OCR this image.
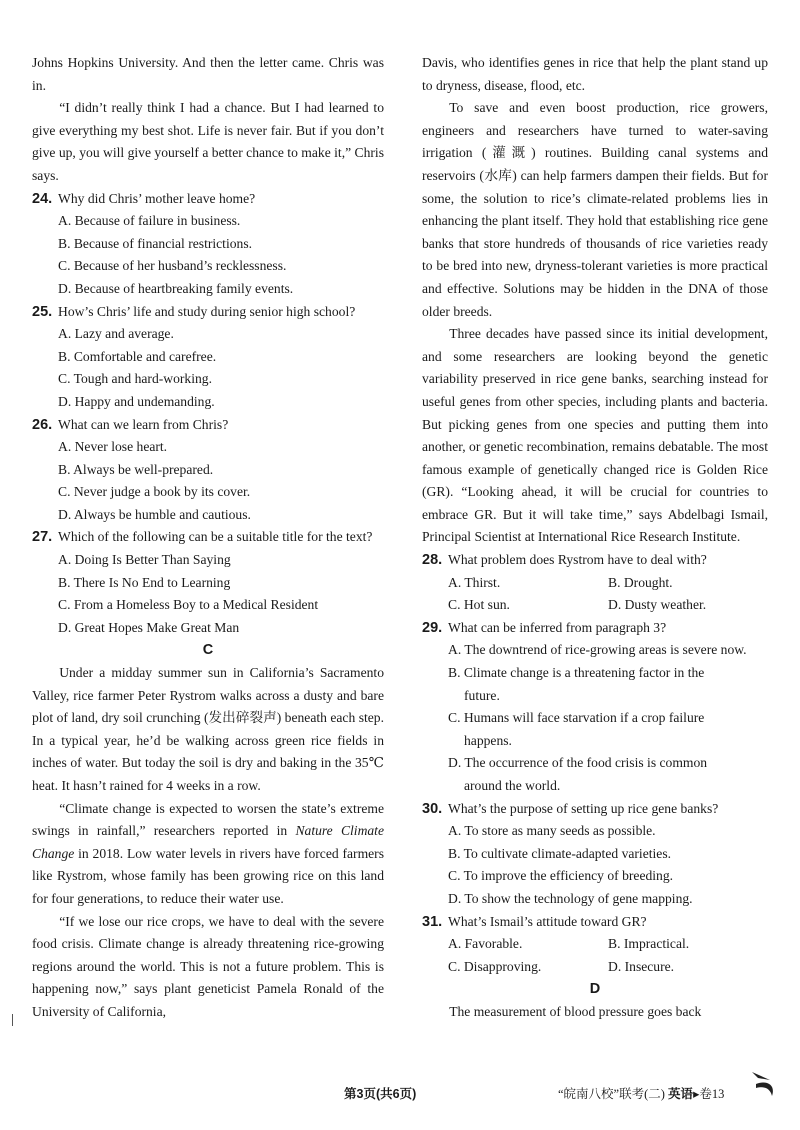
Johns Hopkins University. And then the letter came. Chris was in.

“I didn’t really think I had a chance. But I had learned to give everything my best shot. Life is never fair. But if you don’t give up, you will give yourself a better chance to make it,” Chris says.

24. Why did Chris’ mother leave home?
A. Because of failure in business.
B. Because of financial restrictions.
C. Because of her husband’s recklessness.
D. Because of heartbreaking family events.
25. How’s Chris’ life and study during senior high school?
A. Lazy and average.
B. Comfortable and carefree.
C. Tough and hard-working.
D. Happy and undemanding.
26. What can we learn from Chris?
A. Never lose heart.
B. Always be well-prepared.
C. Never judge a book by its cover.
D. Always be humble and cautious.
27. Which of the following can be a suitable title for the text?
A. Doing Is Better Than Saying
B. There Is No End to Learning
C. From a Homeless Boy to a Medical Resident
D. Great Hopes Make Great Man
C

Under a midday summer sun in California’s Sacramento Valley, rice farmer Peter Rystrom walks across a dusty and bare plot of land, dry soil crunching (发出碎裂声) beneath each step. In a typical year, he’d be walking across green rice fields in inches of water. But today the soil is dry and baking in the 35℃ heat. It hasn’t rained for 4 weeks in a row.

“Climate change is expected to worsen the state’s extreme swings in rainfall,” researchers reported in Nature Climate Change in 2018. Low water levels in rivers have forced farmers like Rystrom, whose family has been growing rice on this land for four generations, to reduce their water use.

“If we lose our rice crops, we have to deal with the severe food crisis. Climate change is already threatening rice-growing regions around the world. This is not a future problem. This is happening now,” says plant geneticist Pamela Ronald of the University of California,

Davis, who identifies genes in rice that help the plant stand up to dryness, disease, flood, etc.

To save and even boost production, rice growers, engineers and researchers have turned to water-saving irrigation (灌溉) routines. Building canal systems and reservoirs (水库) can help farmers dampen their fields. But for some, the solution to rice’s climate-related problems lies in enhancing the plant itself. They hold that establishing rice gene banks that store hundreds of thousands of rice varieties ready to be bred into new, dryness-tolerant varieties is more practical and effective. Solutions may be hidden in the DNA of those older breeds.

Three decades have passed since its initial development, and some researchers are looking beyond the genetic variability preserved in rice gene banks, searching instead for useful genes from other species, including plants and bacteria. But picking genes from one species and putting them into another, or genetic recombination, remains debatable. The most famous example of genetically changed rice is Golden Rice (GR). “Looking ahead, it will be crucial for countries to embrace GR. But it will take time,” says Abdelbagi Ismail, Principal Scientist at International Rice Research Institute.

28. What problem does Rystrom have to deal with?
A. Thirst.	B. Drought.
C. Hot sun.	D. Dusty weather.
29. What can be inferred from paragraph 3?
A. The downtrend of rice-growing areas is severe now.
B. Climate change is a threatening factor in the
future.
C. Humans will face starvation if a crop failure
happens.
D. The occurrence of the food crisis is common
around the world.
30. What’s the purpose of setting up rice gene banks?
A. To store as many seeds as possible.
B. To cultivate climate-adapted varieties.
C. To improve the efficiency of breeding.
D. To show the technology of gene mapping.
31. What’s Ismail’s attitude toward GR?
A. Favorable.	B. Impractical.
C. Disapproving.	D. Insecure.
D

The measurement of blood pressure goes back

第3页(共6页)	“皖南八校”联考(二) 英语▸卷13
